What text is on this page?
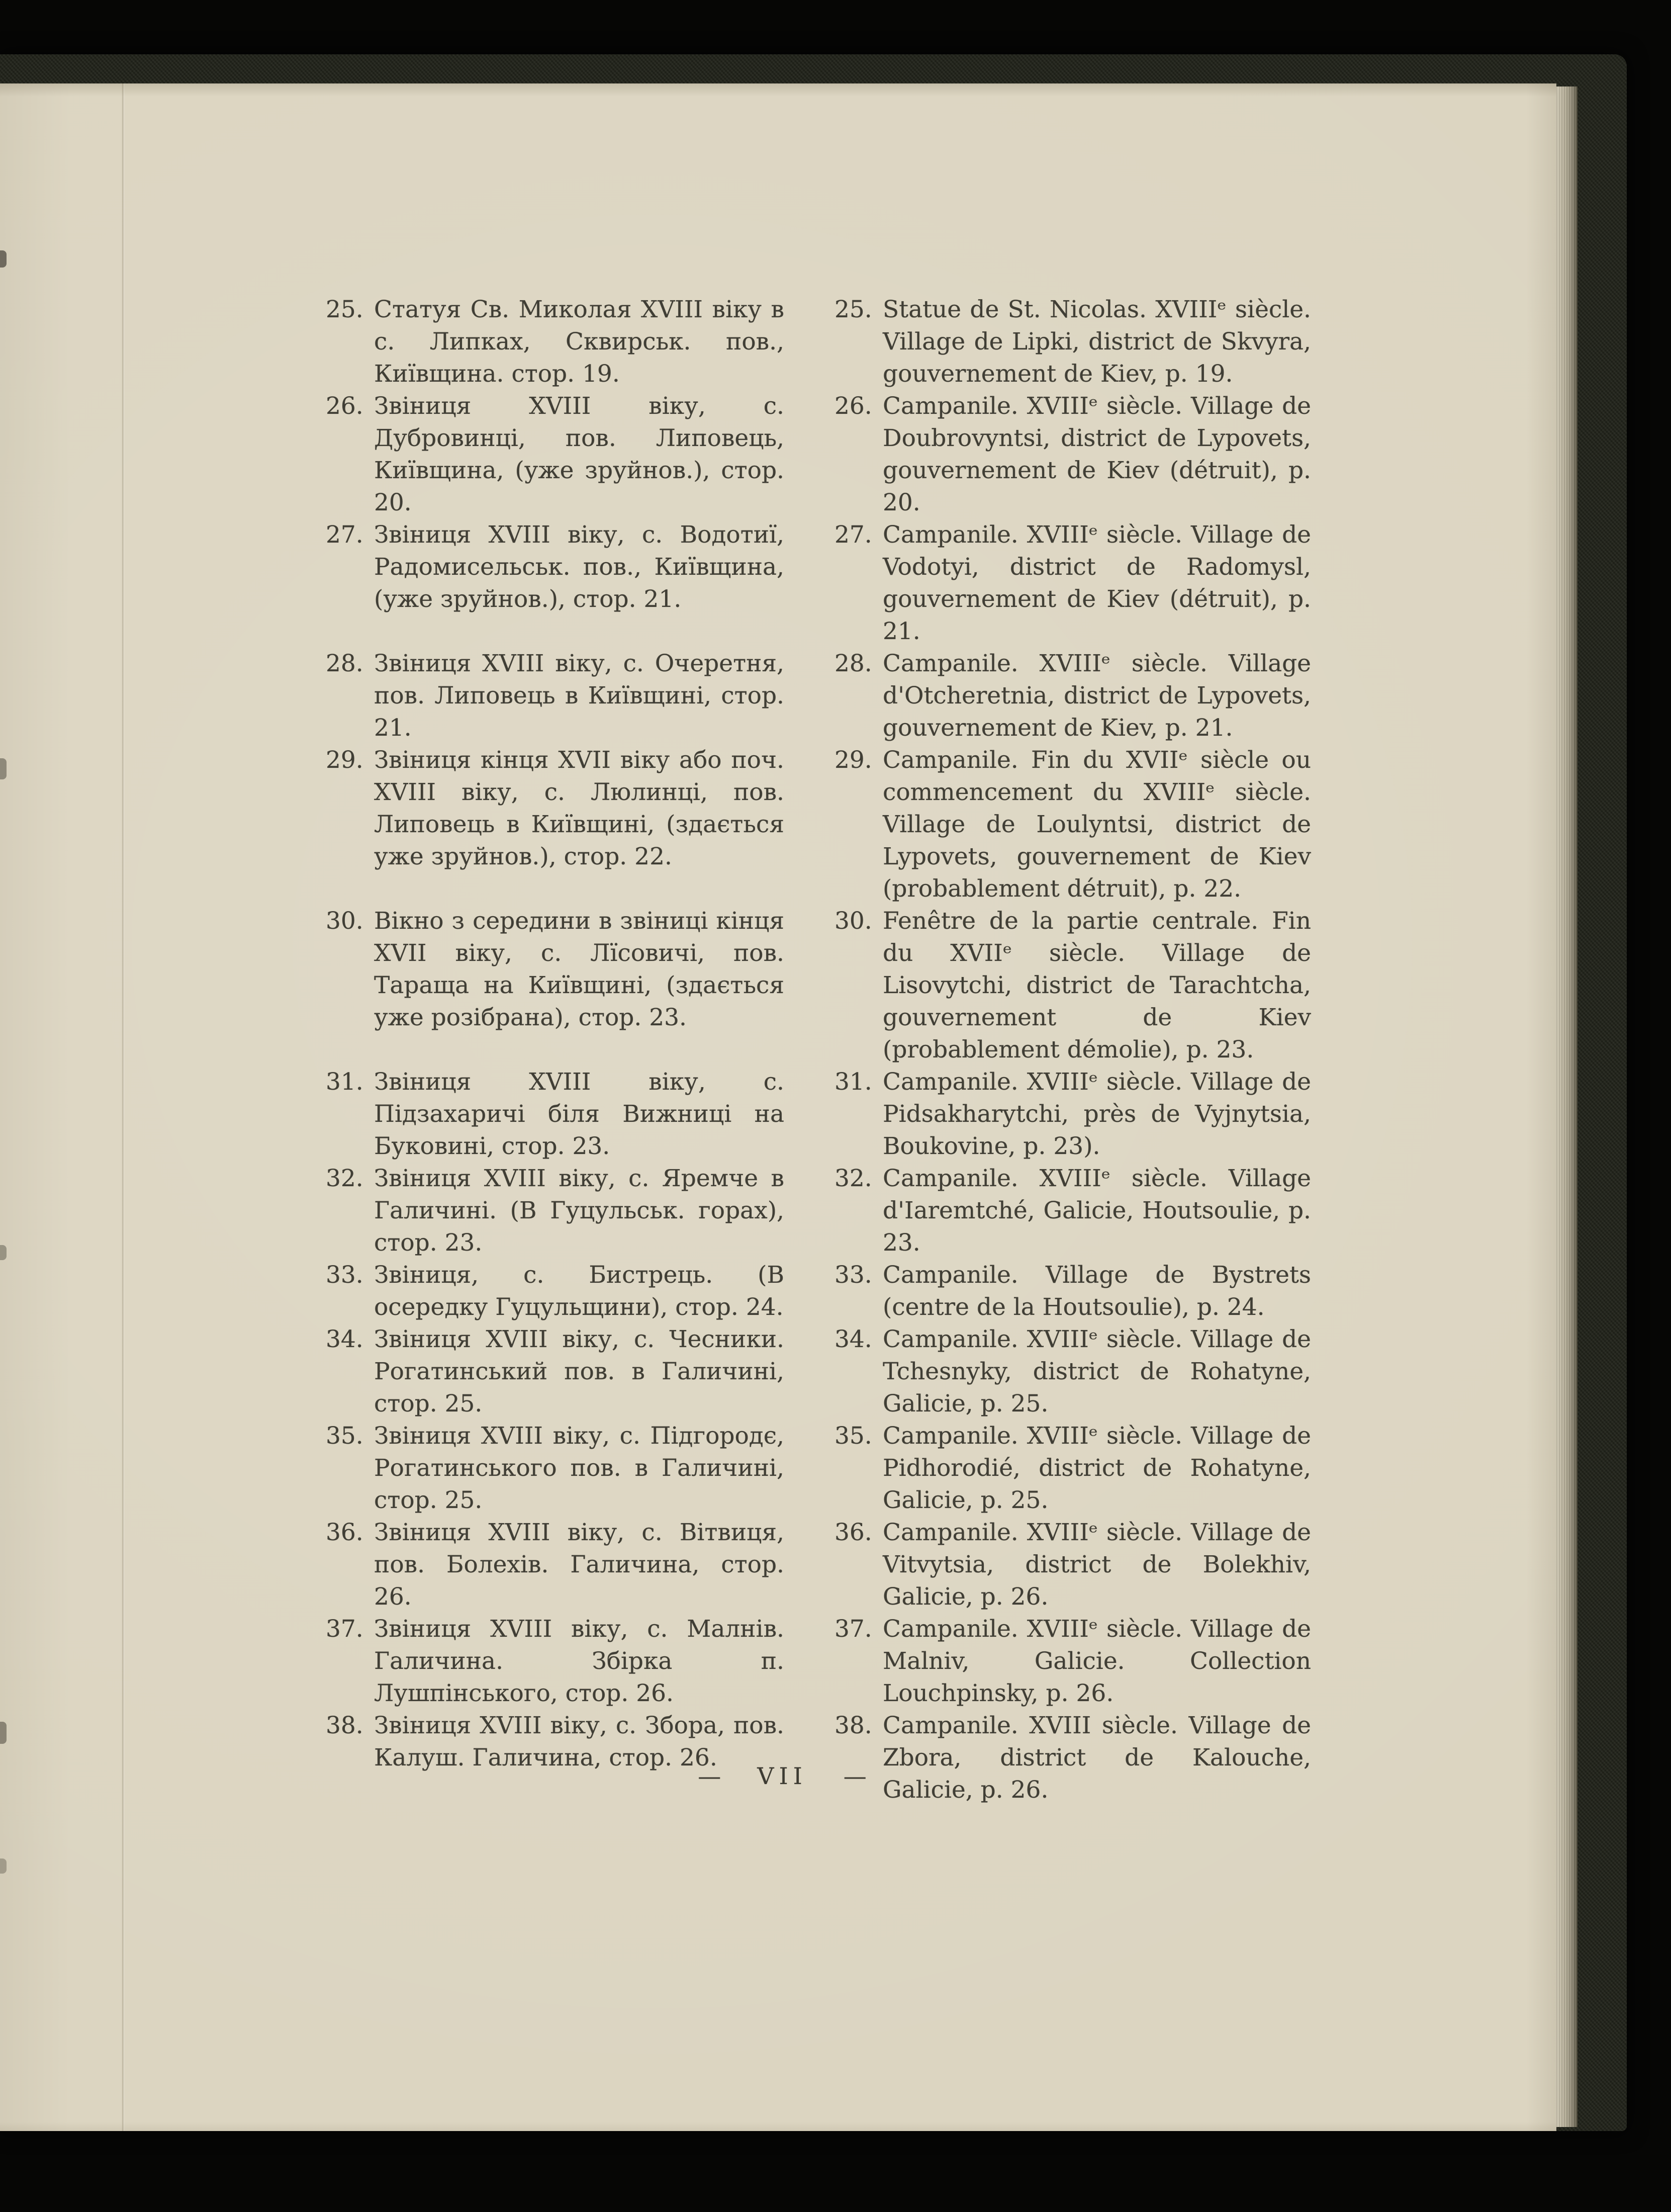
25. Статуя Св. Миколая XVIII віку в с. Липках, Сквирськ. пов., Київщина. стор. 19.
25. Statue de St. Nicolas. XVIIIᵉ siècle. Village de Lipki, district de Skvyra, gouvernement de Kiev, p. 19.
26. Звіниця XVIII віку, с. Дубровинці, пов. Липовець, Київщина, (уже зруйнов.), стор. 20.
26. Campanile. XVIIIᵉ siècle. Village de Doubrovyntsi, district de Lypovets, gouvernement de Kiev (détruit), p. 20.
27. Звіниця XVIII віку, с. Водотиї, Радомисельськ. пов., Київщина, (уже зруйнов.), стор. 21.
27. Campanile. XVIIIᵉ siècle. Village de Vodotyi, district de Radomysl, gouvernement de Kiev (détruit), p. 21.
28. Звіниця XVIII віку, с. Очеретня, пов. Липовець в Київщині, стор. 21.
28. Campanile. XVIIIᵉ siècle. Village d'Otcheretnia, district de Lypovets, gouvernement de Kiev, p. 21.
29. Звіниця кінця XVII віку або поч. XVIII віку, с. Люлинці, пов. Липовець в Київщині, (здається уже зруйнов.), стор. 22.
29. Campanile. Fin du XVIIᵉ siècle ou commencement du XVIIIᵉ siècle. Village de Loulyntsi, district de Lypovets, gouvernement de Kiev (probablement détruit), p. 22.
30. Вікно з середини в звіниці кінця XVII віку, с. Лїсовичі, пов. Тараща на Київщині, (здається уже розібрана), стор. 23.
30. Fenêtre de la partie centrale. Fin du XVIIᵉ siècle. Village de Lisovytchi, district de Tarachtcha, gouvernement de Kiev (probablement démolie), p. 23.
31. Звіниця XVIII віку, с. Підзахаричі біля Вижниці на Буковині, стор. 23.
31. Campanile. XVIIIᵉ siècle. Village de Pidsakharytchi, près de Vyjnytsia, Boukovine, p. 23).
32. Звіниця XVIII віку, с. Яремче в Галичині. (В Гуцульськ. горах), стор. 23.
32. Campanile. XVIIIᵉ siècle. Village d'Iaremtché, Galicie, Houtsoulie, p. 23.
33. Звіниця, с. Бистрець. (В осередку Гуцульщини), стор. 24.
33. Campanile. Village de Bystrets (centre de la Houtsoulie), p. 24.
34. Звіниця XVIII віку, с. Чесники. Рогатинський пов. в Галичині, стор. 25.
34. Campanile. XVIIIᵉ siècle. Village de Tchesnyky, district de Rohatyne, Galicie, p. 25.
35. Звіниця XVIII віку, с. Підгородє, Рогатинського пов. в Галичині, стор. 25.
35. Campanile. XVIIIᵉ siècle. Village de Pidhorodié, district de Rohatyne, Galicie, p. 25.
36. Звіниця XVIII віку, с. Вітвиця, пов. Болехів. Галичина, стор. 26.
36. Campanile. XVIIIᵉ siècle. Village de Vitvytsia, district de Bolekhiv, Galicie, p. 26.
37. Звіниця XVIII віку, с. Малнів. Галичина. Збірка п. Лушпінського, стор. 26.
37. Campanile. XVIIIᵉ siècle. Village de Malniv, Galicie. Collection Louchpinsky, p. 26.
38. Звіниця XVIII віку, с. Збора, пов. Калуш. Галичина, стор. 26.
38. Campanile. XVIII siècle. Village de Zbora, district de Kalouche, Galicie, p. 26.
— VII —
